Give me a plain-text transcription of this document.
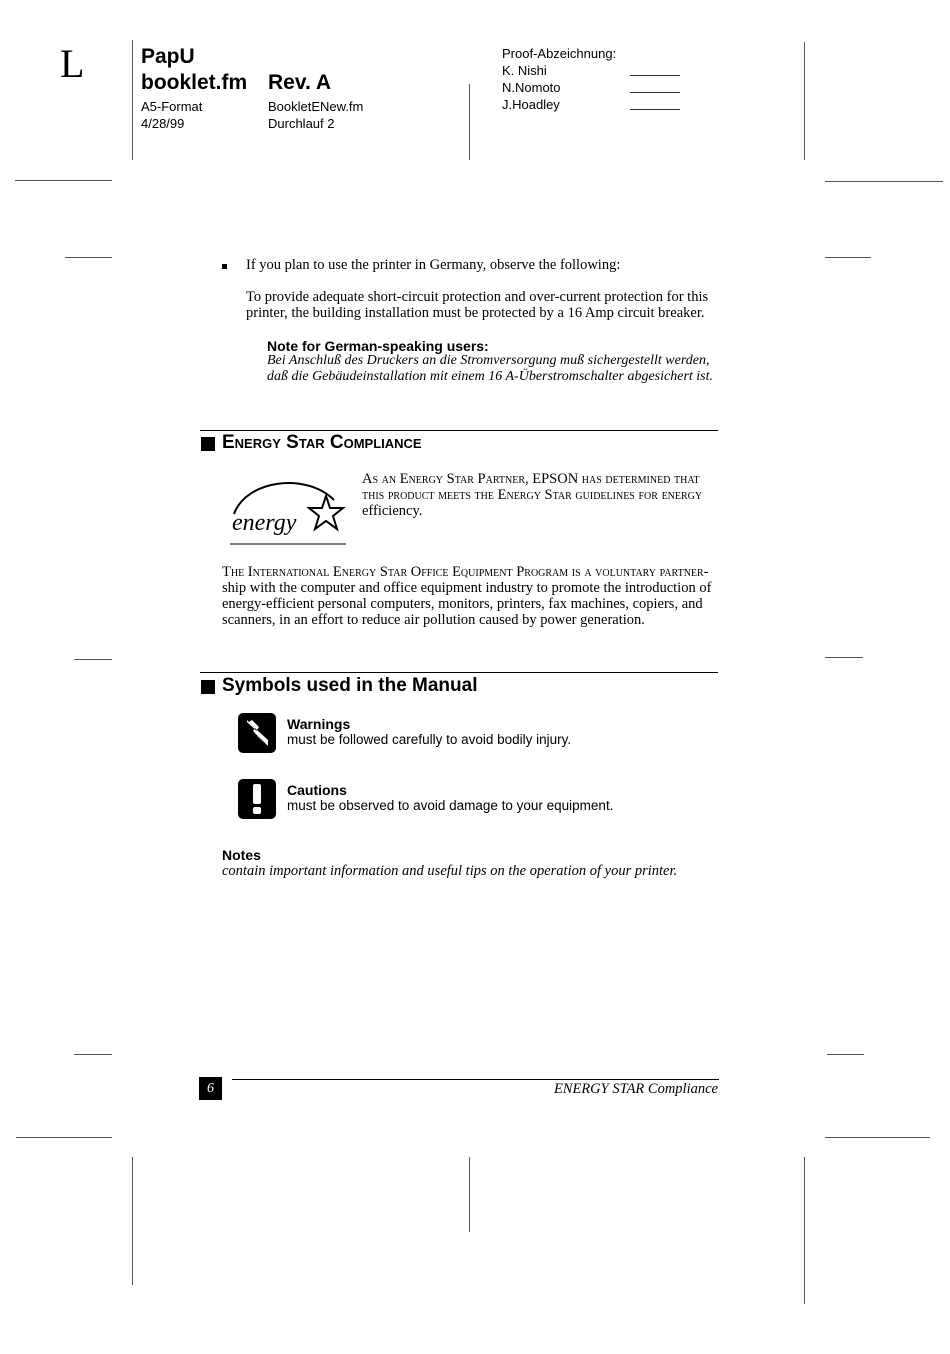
L	PapU
booklet.fm Rev. A
A5-Format
4/28/99
BookletENew.fm
Durchlauf 2
Proof-Abzeichnung:
K. Nishi
N.Nomoto
J.Hoadley
If you plan to use the printer in Germany, observe the following:
To provide adequate short-circuit protection and over-current protection for this
printer, the building installation must be protected by a 16 Amp circuit breaker.
Note for German-speaking users:
Bei Anschluß des Druckers an die Stromversorgung muß sichergestellt werden,
daß die Gebäudeinstallation mit einem 16 A-Überstromschalter abgesichert ist.
Energy Star Compliance
energy
As an Energy Star Partner, EPSON has determined that
this product meets the Energy Star guidelines for energy
efficiency.
The International Energy Star Office Equipment Program is a voluntary partner-
ship with the computer and office equipment industry to promote the introduction of
energy-efficient personal computers, monitors, printers, fax machines, copiers, and
scanners, in an effort to reduce air pollution caused by power generation.
Symbols used in the Manual
Warnings
must be followed carefully to avoid bodily injury.
Cautions
must be observed to avoid damage to your equipment.
Notes
contain important information and useful tips on the operation of your printer.
6	ENERGY STAR Compliance
